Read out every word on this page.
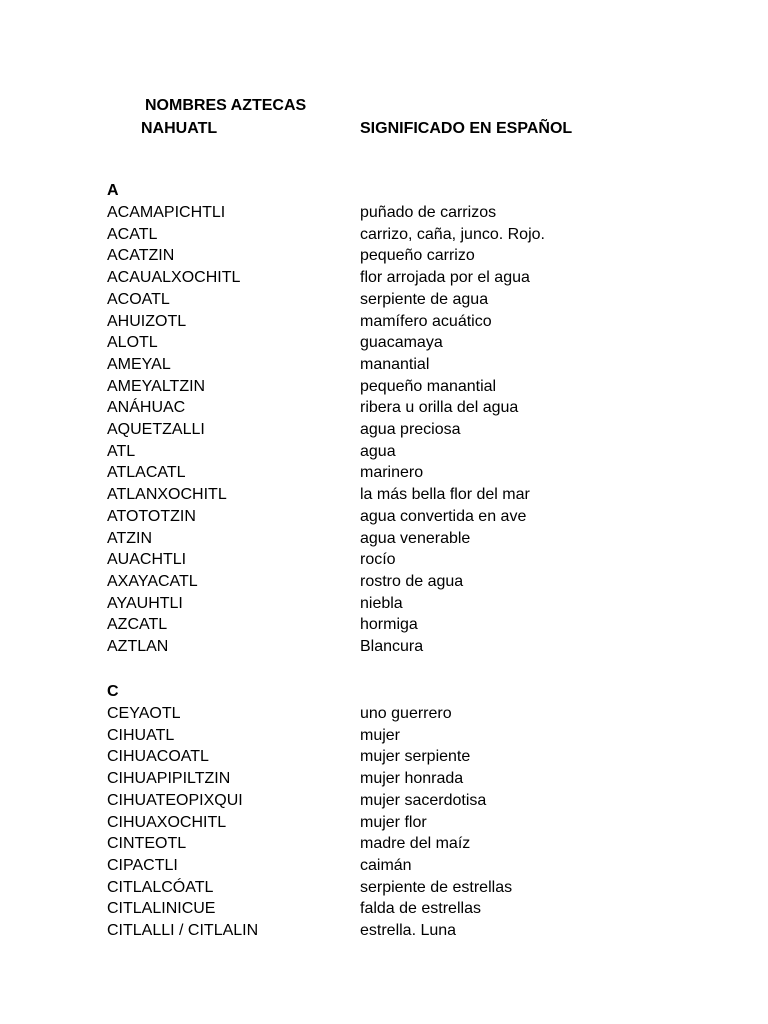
NOMBRES AZTECAS
NAHUATL	SIGNIFICADO EN ESPAÑOL
A
ACAMAPICHTLI	puñado de carrizos
ACATL	carrizo, caña, junco. Rojo.
ACATZIN	pequeño carrizo
ACAUALXOCHITL	flor arrojada por el agua
ACOATL	serpiente de agua
AHUIZOTL	mamífero acuático
ALOTL	guacamaya
AMEYAL	manantial
AMEYALTZIN	pequeño manantial
ANÁHUAC	ribera u orilla del agua
AQUETZALLI	agua preciosa
ATL	agua
ATLACATL	marinero
ATLANXOCHITL	la más bella flor del mar
ATOTOTZIN	agua convertida en ave
ATZIN	agua venerable
AUACHTLI	rocío
AXAYACATL	rostro de agua
AYAUHTLI	niebla
AZCATL	hormiga
AZTLAN	Blancura
C
CEYAOTL	uno guerrero
CIHUATL	mujer
CIHUACOATL	mujer serpiente
CIHUAPIPILTZIN	mujer honrada
CIHUATEOPIXQUI	mujer sacerdotisa
CIHUAXOCHITL	mujer flor
CINTEOTL	madre del maíz
CIPACTLI	caimán
CITLALCÓATL	serpiente de estrellas
CITLALINICUE	falda de estrellas
CITLALLI / CITLALIN	estrella. Luna
